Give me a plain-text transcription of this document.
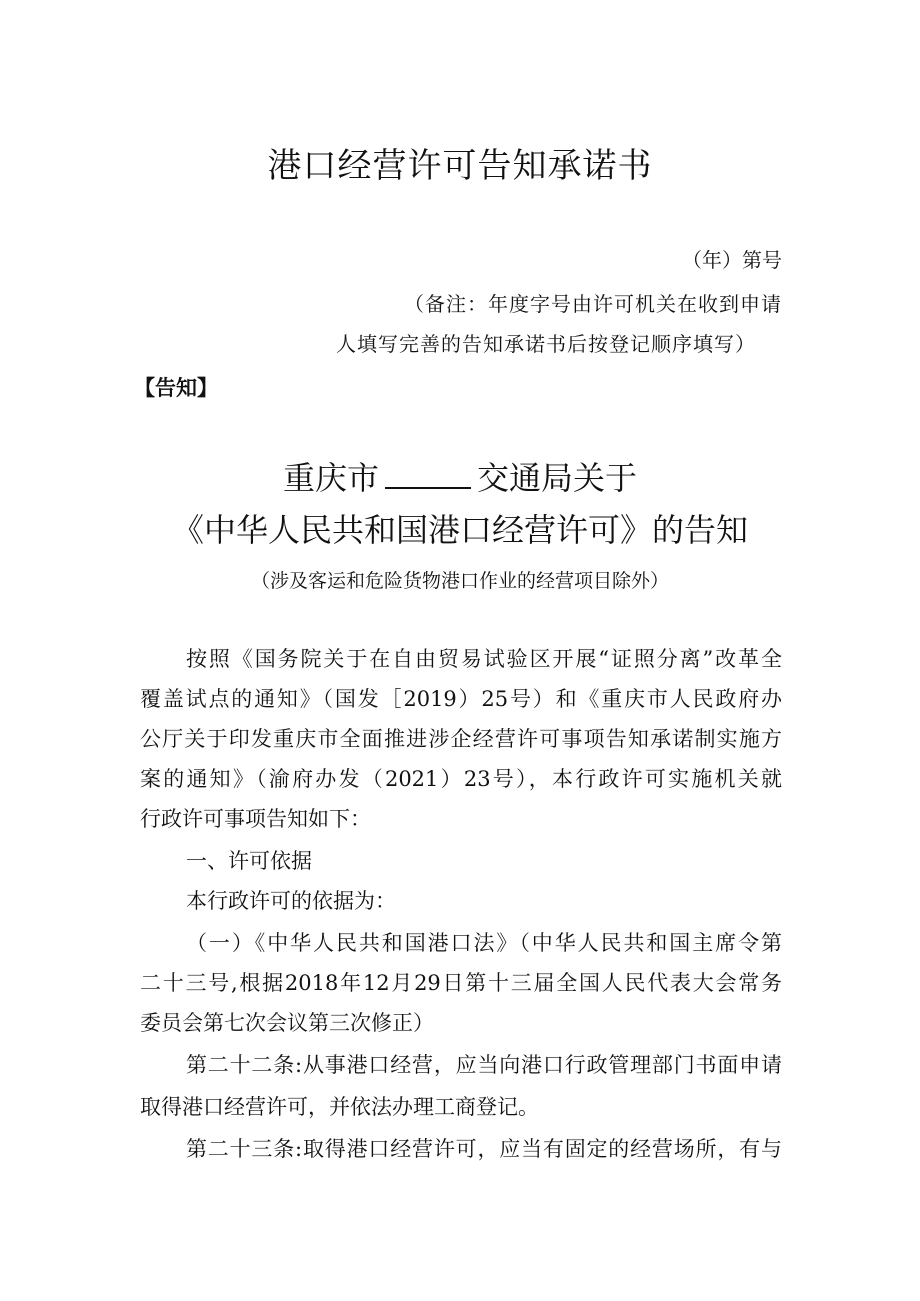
港口经营许可告知承诺书
（年）第号
（备注：年度字号由许可机关在收到申请
人填写完善的告知承诺书后按登记顺序填写）
【告知】
重庆市	交通局关于
《中华人民共和国港口经营许可》的告知
（涉及客运和危险货物港口作业的经营项目除外）
按照《国务院关于在自由贸易试验区开展“证照分离”改革全
覆盖试点的通知》（国发［2019）25号）和《重庆市人民政府办
公厅关于印发重庆市全面推进涉企经营许可事项告知承诺制实施方
案的通知》（渝府办发（2021）23号），本行政许可实施机关就
行政许可事项告知如下：
一、许可依据
本行政许可的依据为：
（一）《中华人民共和国港口法》（中华人民共和国主席令第
二十三号,根据2018年12月29日第十三届全国人民代表大会常务
委员会第七次会议第三次修正）
第二十二条:从事港口经营，应当向港口行政管理部门书面申请
取得港口经营许可，并依法办理工商登记。
第二十三条:取得港口经营许可，应当有固定的经营场所，有与
